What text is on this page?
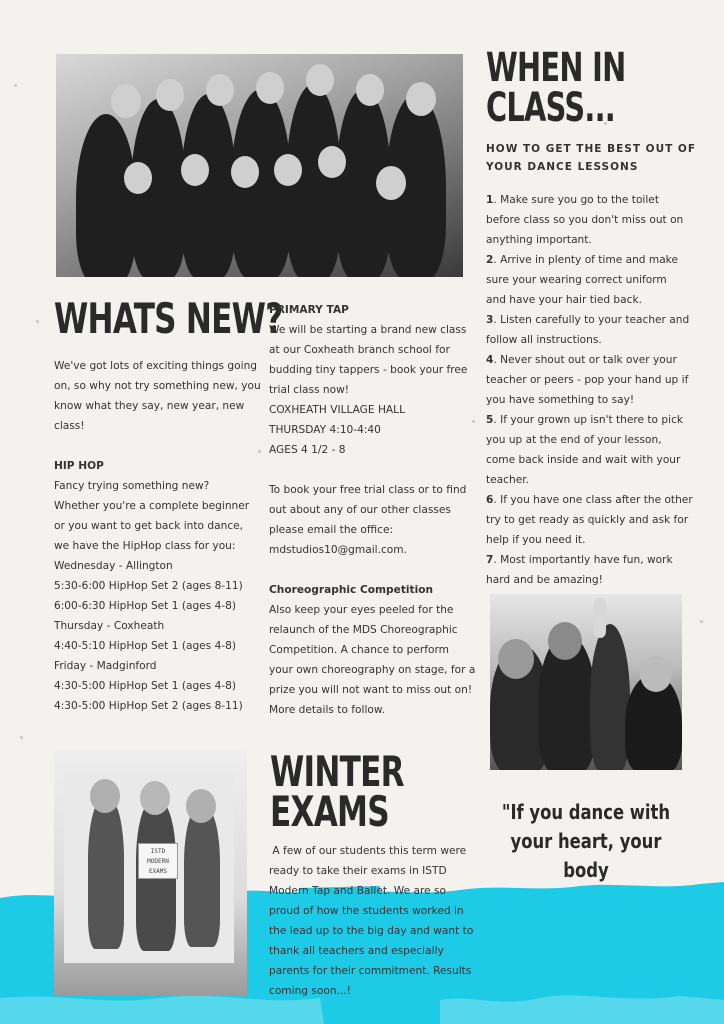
WHEN IN
CLASS...
HOW TO GET THE BEST OUT OF
YOUR DANCE LESSONS
1. Make sure you go to the toilet
before class so you don't miss out on
anything important.
2. Arrive in plenty of time and make
sure your wearing correct uniform
and have your hair tied back.
3. Listen carefully to your teacher and
follow all instructions.
4. Never shout out or talk over your
teacher or peers - pop your hand up if
you have something to say!
5. If your grown up isn't there to pick
you up at the end of your lesson,
come back inside and wait with your
teacher.
6. If you have one class after the other
try to get ready as quickly and ask for
help if you need it.
7. Most importantly have fun, work
hard and be amazing!
WHATS NEW?
We've got lots of exciting things going
on, so why not try something new, you
know what they say, new year, new
class!
HIP HOP
Fancy trying something new?
Whether you're a complete beginner
or you want to get back into dance,
we have the HipHop class for you:
Wednesday - Allington
5:30-6:00 HipHop Set 2 (ages 8-11)
6:00-6:30 HipHop Set 1 (ages 4-8)
Thursday - Coxheath
4:40-5:10 HipHop Set 1 (ages 4-8)
Friday - Madginford
4:30-5:00 HipHop Set 1 (ages 4-8)
4:30-5:00 HipHop Set 2 (ages 8-11)
PRIMARY TAP
We will be starting a brand new class
at our Coxheath branch school for
budding tiny tappers - book your free
trial class now!
COXHEATH VILLAGE HALL
THURSDAY 4:10-4:40
AGES 4 1/2 - 8
To book your free trial class or to find
out about any of our other classes
please email the office:
mdstudios10@gmail.com.
Choreographic Competition
Also keep your eyes peeled for the
relaunch of the MDS Choreographic
Competition. A chance to perform
your own choreography on stage, for a
prize you will not want to miss out on!
More details to follow.
"If you dance with
your heart, your body
ISTD
MODERN
EXAMS
WINTER
EXAMS
A few of our students this term were
ready to take their exams in ISTD
Modern Tap and Ballet. We are so
proud of how the students worked in
the lead up to the big day and want to
thank all teachers and especially
parents for their commitment. Results
coming soon...!
